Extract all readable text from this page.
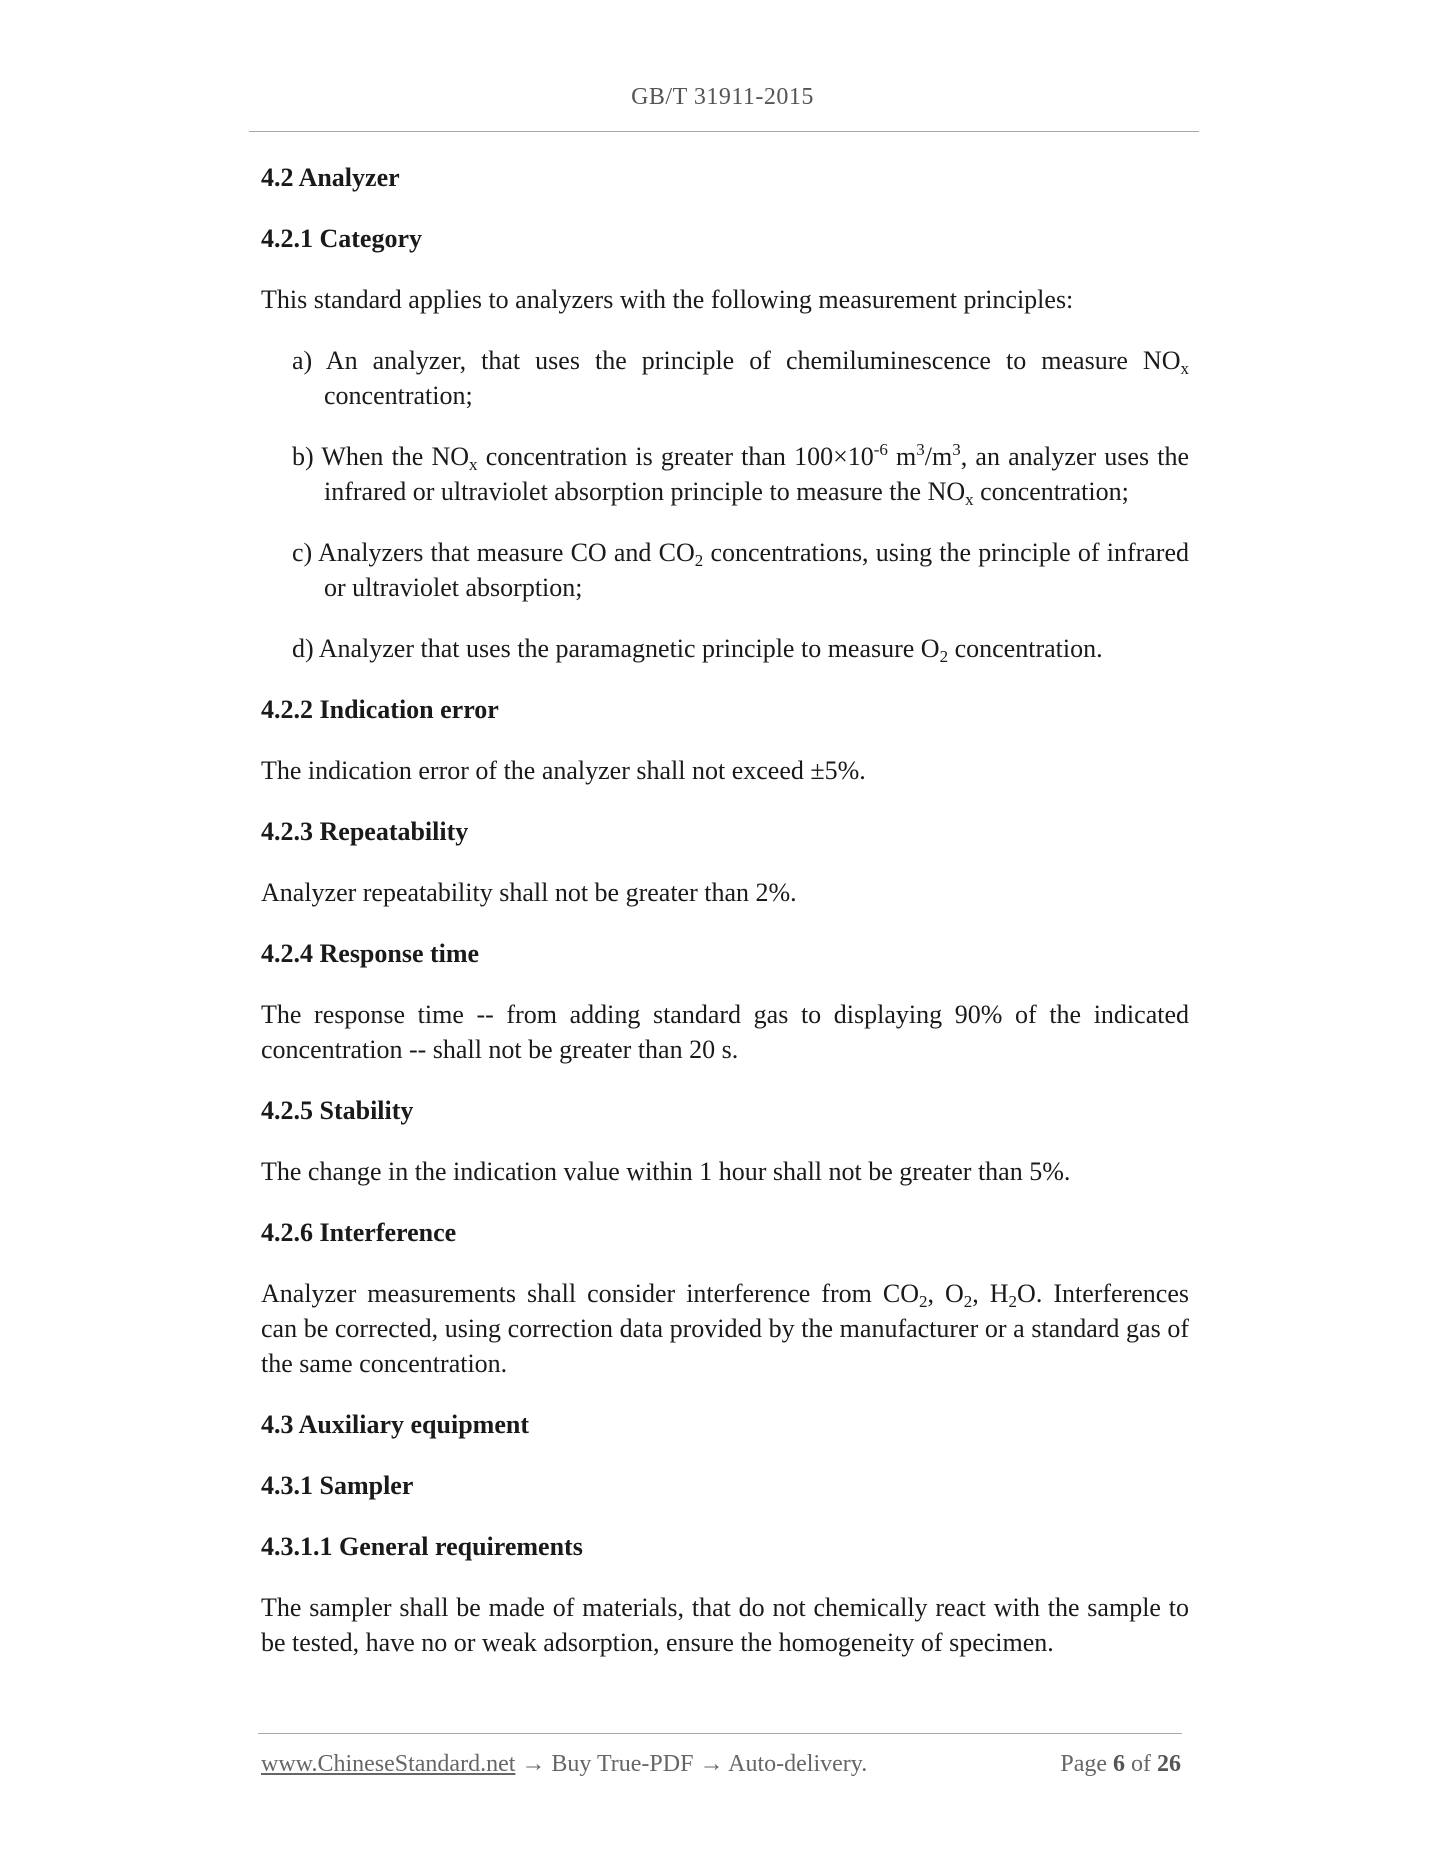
GB/T 31911-2015

4.2 Analyzer

4.2.1 Category

This standard applies to analyzers with the following measurement principles:

a) An analyzer, that uses the principle of chemiluminescence to measure $NO_x$ concentration;

b) When the $NO_x$ concentration is greater than $100\times 10^{-6}$ $m^3/m^3$, an analyzer uses the infrared or ultraviolet absorption principle to measure the $NO_x$ concentration;

c) Analyzers that measure CO and $CO_2$ concentrations, using the principle of infrared or ultraviolet absorption;

d) Analyzer that uses the paramagnetic principle to measure $O_2$ concentration.

4.2.2 Indication error

The indication error of the analyzer shall not exceed ±5%.

4.2.3 Repeatability

Analyzer repeatability shall not be greater than 2%.

4.2.4 Response time

The response time -- from adding standard gas to displaying 90% of the indicated concentration -- shall not be greater than 20 s.

4.2.5 Stability

The change in the indication value within 1 hour shall not be greater than 5%.

4.2.6 Interference

Analyzer measurements shall consider interference from $CO_2$, $O_2$, $H_2O$. Interferences can be corrected, using correction data provided by the manufacturer or a standard gas of the same concentration.

4.3 Auxiliary equipment

4.3.1 Sampler

4.3.1.1 General requirements

The sampler shall be made of materials, that do not chemically react with the sample to be tested, have no or weak adsorption, ensure the homogeneity of specimen.

www.ChineseStandard.net → Buy True-PDF → Auto-delivery.	Page 6 of 26
